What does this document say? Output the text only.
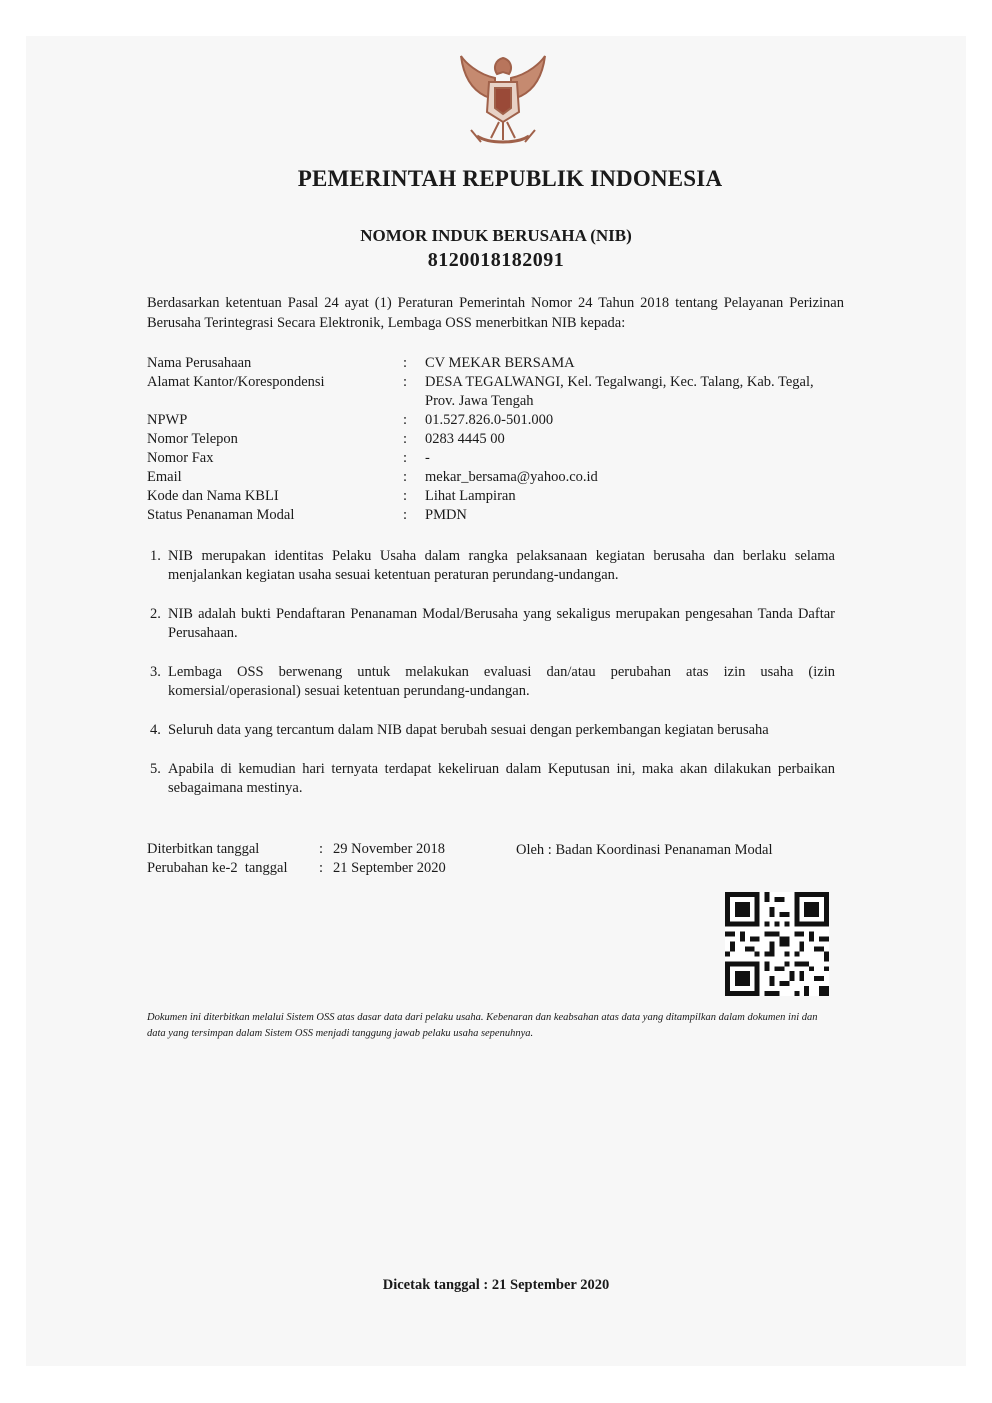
PEMERINTAH REPUBLIK INDONESIA
NOMOR INDUK BERUSAHA (NIB)
8120018182091
Berdasarkan ketentuan Pasal 24 ayat (1) Peraturan Pemerintah Nomor 24 Tahun 2018 tentang Pelayanan Perizinan Berusaha Terintegrasi Secara Elektronik, Lembaga OSS menerbitkan NIB kepada:
Nama Perusahaan	:	CV MEKAR BERSAMA
Alamat Kantor/Korespondensi	:	DESA TEGALWANGI, Kel. Tegalwangi, Kec. Talang, Kab. Tegal, Prov. Jawa Tengah
NPWP	:	01.527.826.0-501.000
Nomor Telepon	:	0283 4445 00
Nomor Fax	:	-
Email	:	mekar_bersama@yahoo.co.id
Kode dan Nama KBLI	:	Lihat Lampiran
Status Penanaman Modal	:	PMDN
1. NIB merupakan identitas Pelaku Usaha dalam rangka pelaksanaan kegiatan berusaha dan berlaku selama menjalankan kegiatan usaha sesuai ketentuan peraturan perundang-undangan.
2. NIB adalah bukti Pendaftaran Penanaman Modal/Berusaha yang sekaligus merupakan pengesahan Tanda Daftar Perusahaan.
3. Lembaga OSS berwenang untuk melakukan evaluasi dan/atau perubahan atas izin usaha (izin komersial/operasional) sesuai ketentuan perundang-undangan.
4. Seluruh data yang tercantum dalam NIB dapat berubah sesuai dengan perkembangan kegiatan berusaha
5. Apabila di kemudian hari ternyata terdapat kekeliruan dalam Keputusan ini, maka akan dilakukan perbaikan sebagaimana mestinya.
Diterbitkan tanggal	: 29 November 2018
Perubahan ke-2  tanggal	: 21 September 2020
Oleh : Badan Koordinasi Penanaman Modal
Dokumen ini diterbitkan melalui Sistem OSS atas dasar data dari pelaku usaha. Kebenaran dan keabsahan atas data yang ditampilkan dalam dokumen ini dan data yang tersimpan dalam Sistem OSS menjadi tanggung jawab pelaku usaha sepenuhnya.
Dicetak tanggal : 21 September 2020
